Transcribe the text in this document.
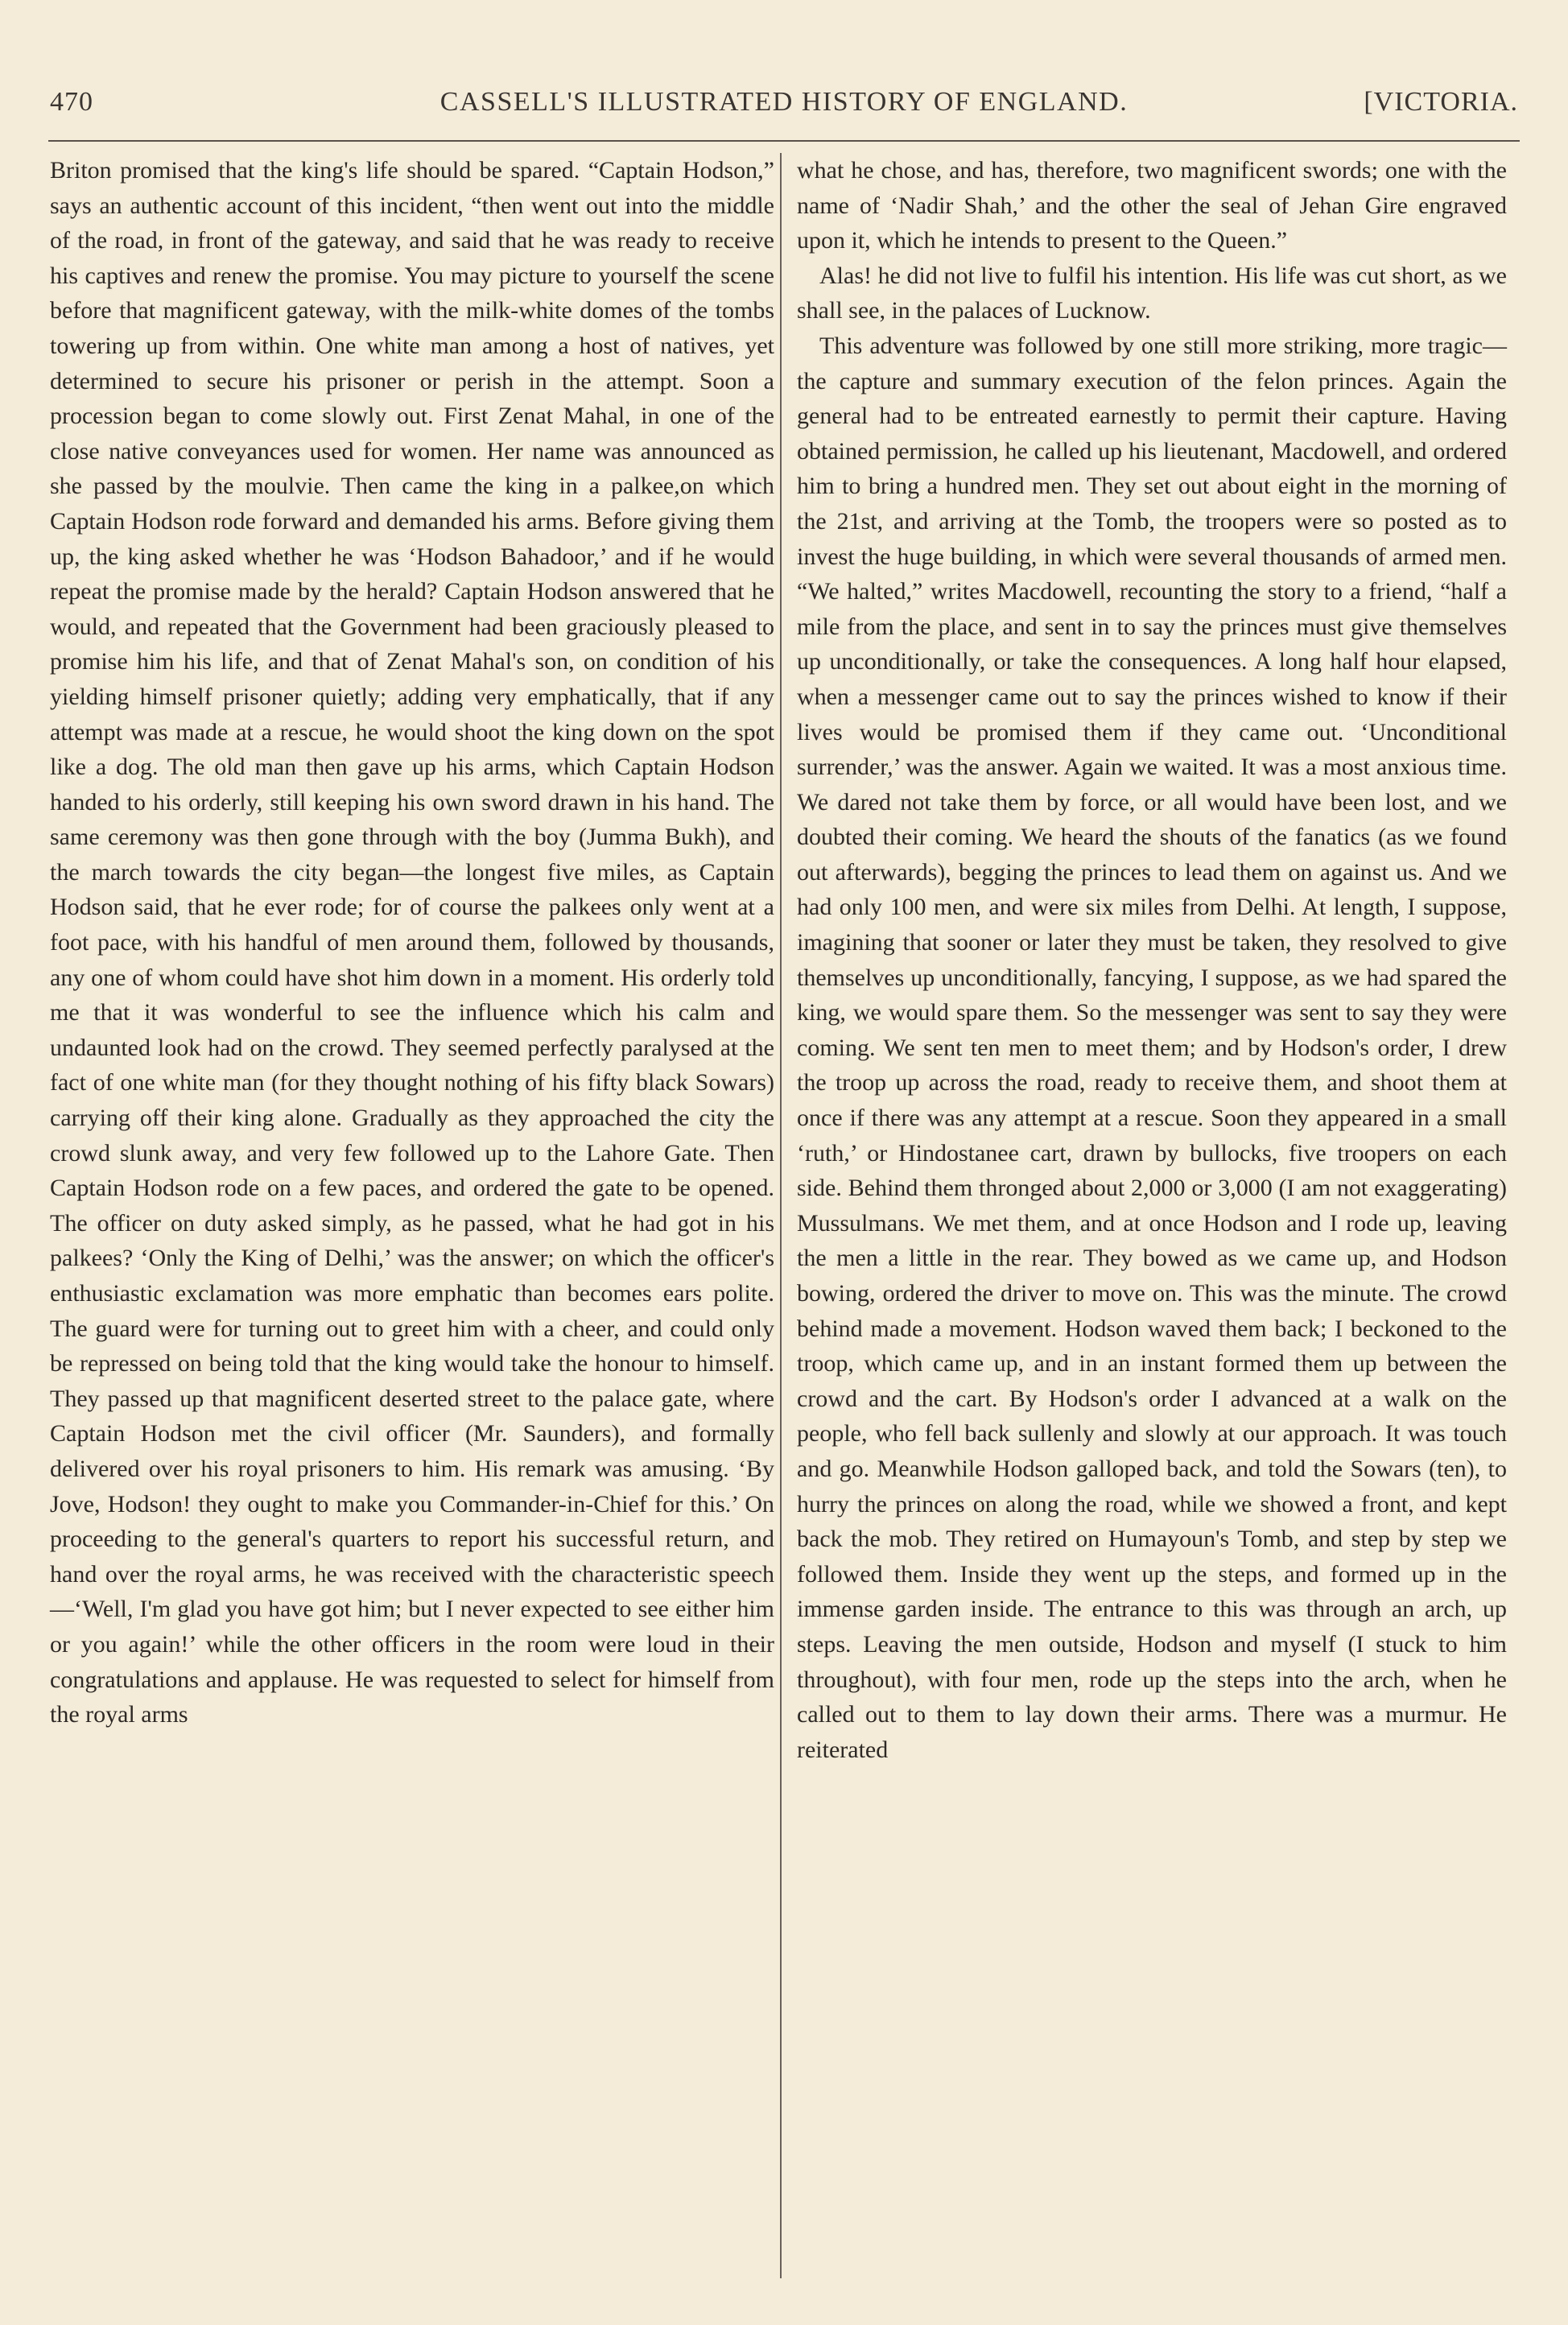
470	CASSELL'S ILLUSTRATED HISTORY OF ENGLAND.	[VICTORIA.

Briton promised that the king's life should be spared. “Captain Hodson,” says an authentic account of this incident, “then went out into the middle of the road, in front of the gateway, and said that he was ready to receive his captives and renew the promise. You may picture to yourself the scene before that magnificent gateway, with the milk-white domes of the tombs towering up from within. One white man among a host of natives, yet determined to secure his prisoner or perish in the attempt. Soon a procession began to come slowly out. First Zenat Mahal, in one of the close native conveyances used for women. Her name was announced as she passed by the moulvie. Then came the king in a palkee,on which Captain Hodson rode forward and demanded his arms. Before giving them up, the king asked whether he was ‘Hodson Bahadoor,’ and if he would repeat the promise made by the herald? Captain Hodson answered that he would, and repeated that the Government had been graciously pleased to promise him his life, and that of Zenat Mahal's son, on condition of his yielding himself prisoner quietly; adding very emphatically, that if any attempt was made at a rescue, he would shoot the king down on the spot like a dog. The old man then gave up his arms, which Captain Hodson handed to his orderly, still keeping his own sword drawn in his hand. The same ceremony was then gone through with the boy (Jumma Bukh), and the march towards the city began—the longest five miles, as Captain Hodson said, that he ever rode; for of course the palkees only went at a foot pace, with his handful of men around them, followed by thousands, any one of whom could have shot him down in a moment. His orderly told me that it was wonderful to see the influence which his calm and undaunted look had on the crowd. They seemed perfectly paralysed at the fact of one white man (for they thought nothing of his fifty black Sowars) carrying off their king alone. Gradually as they approached the city the crowd slunk away, and very few followed up to the Lahore Gate. Then Captain Hodson rode on a few paces, and ordered the gate to be opened. The officer on duty asked simply, as he passed, what he had got in his palkees? ‘Only the King of Delhi,’ was the answer; on which the officer's enthusiastic exclamation was more emphatic than becomes ears polite. The guard were for turning out to greet him with a cheer, and could only be repressed on being told that the king would take the honour to himself. They passed up that magnificent deserted street to the palace gate, where Captain Hodson met the civil officer (Mr. Saunders), and formally delivered over his royal prisoners to him. His remark was amusing. ‘By Jove, Hodson! they ought to make you Commander-in-Chief for this.’ On proceeding to the general's quarters to report his successful return, and hand over the royal arms, he was received with the characteristic speech—‘Well, I'm glad you have got him; but I never expected to see either him or you again!’ while the other officers in the room were loud in their congratulations and applause. He was requested to select for himself from the royal arms

what he chose, and has, therefore, two magnificent swords; one with the name of ‘Nadir Shah,’ and the other the seal of Jehan Gire engraved upon it, which he intends to present to the Queen.”

Alas! he did not live to fulfil his intention. His life was cut short, as we shall see, in the palaces of Lucknow.

This adventure was followed by one still more striking, more tragic—the capture and summary execution of the felon princes. Again the general had to be entreated earnestly to permit their capture. Having obtained permission, he called up his lieutenant, Macdowell, and ordered him to bring a hundred men. They set out about eight in the morning of the 21st, and arriving at the Tomb, the troopers were so posted as to invest the huge building, in which were several thousands of armed men. “We halted,” writes Macdowell, recounting the story to a friend, “half a mile from the place, and sent in to say the princes must give themselves up unconditionally, or take the consequences. A long half hour elapsed, when a messenger came out to say the princes wished to know if their lives would be promised them if they came out. ‘Unconditional surrender,’ was the answer. Again we waited. It was a most anxious time. We dared not take them by force, or all would have been lost, and we doubted their coming. We heard the shouts of the fanatics (as we found out afterwards), begging the princes to lead them on against us. And we had only 100 men, and were six miles from Delhi. At length, I suppose, imagining that sooner or later they must be taken, they resolved to give themselves up unconditionally, fancying, I suppose, as we had spared the king, we would spare them. So the messenger was sent to say they were coming. We sent ten men to meet them; and by Hodson's order, I drew the troop up across the road, ready to receive them, and shoot them at once if there was any attempt at a rescue. Soon they appeared in a small ‘ruth,’ or Hindostanee cart, drawn by bullocks, five troopers on each side. Behind them thronged about 2,000 or 3,000 (I am not exaggerating) Mussulmans. We met them, and at once Hodson and I rode up, leaving the men a little in the rear. They bowed as we came up, and Hodson bowing, ordered the driver to move on. This was the minute. The crowd behind made a movement. Hodson waved them back; I beckoned to the troop, which came up, and in an instant formed them up between the crowd and the cart. By Hodson's order I advanced at a walk on the people, who fell back sullenly and slowly at our approach. It was touch and go. Meanwhile Hodson galloped back, and told the Sowars (ten), to hurry the princes on along the road, while we showed a front, and kept back the mob. They retired on Humayoun's Tomb, and step by step we followed them. Inside they went up the steps, and formed up in the immense garden inside. The entrance to this was through an arch, up steps. Leaving the men outside, Hodson and myself (I stuck to him throughout), with four men, rode up the steps into the arch, when he called out to them to lay down their arms. There was a murmur. He reiterated
